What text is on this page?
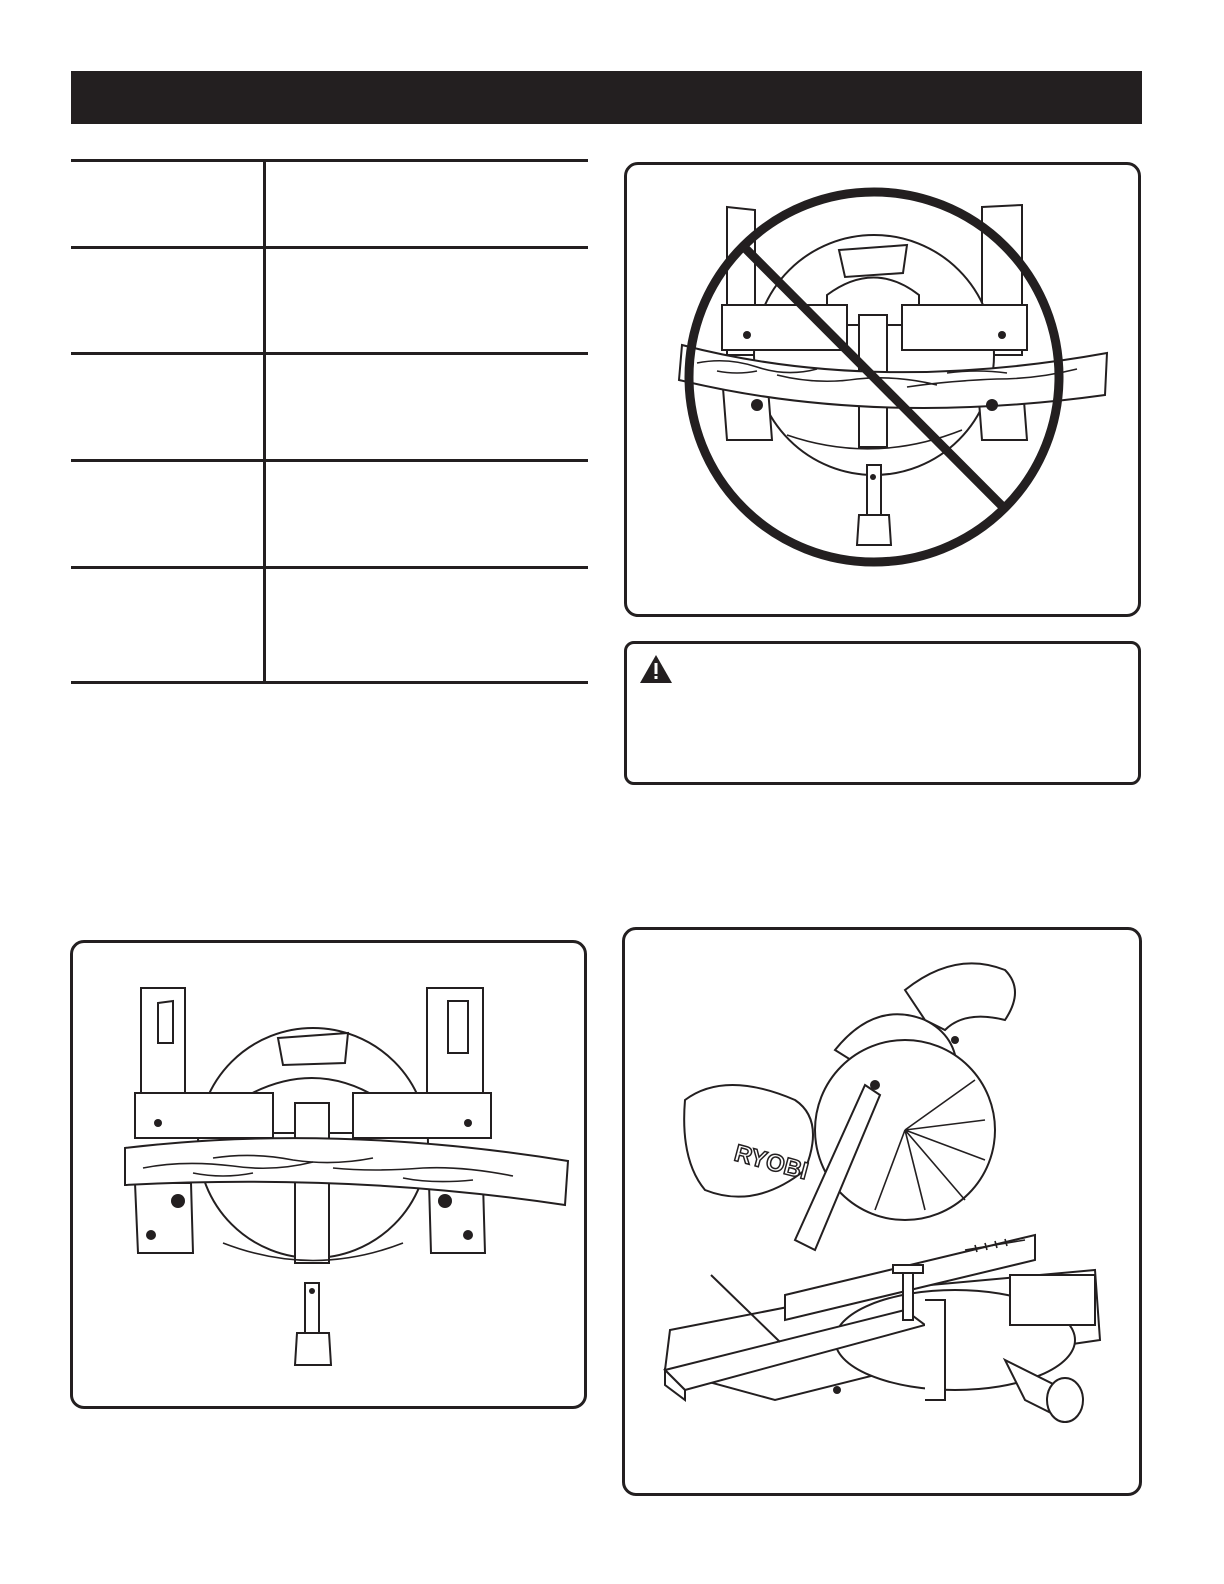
RYOBI
